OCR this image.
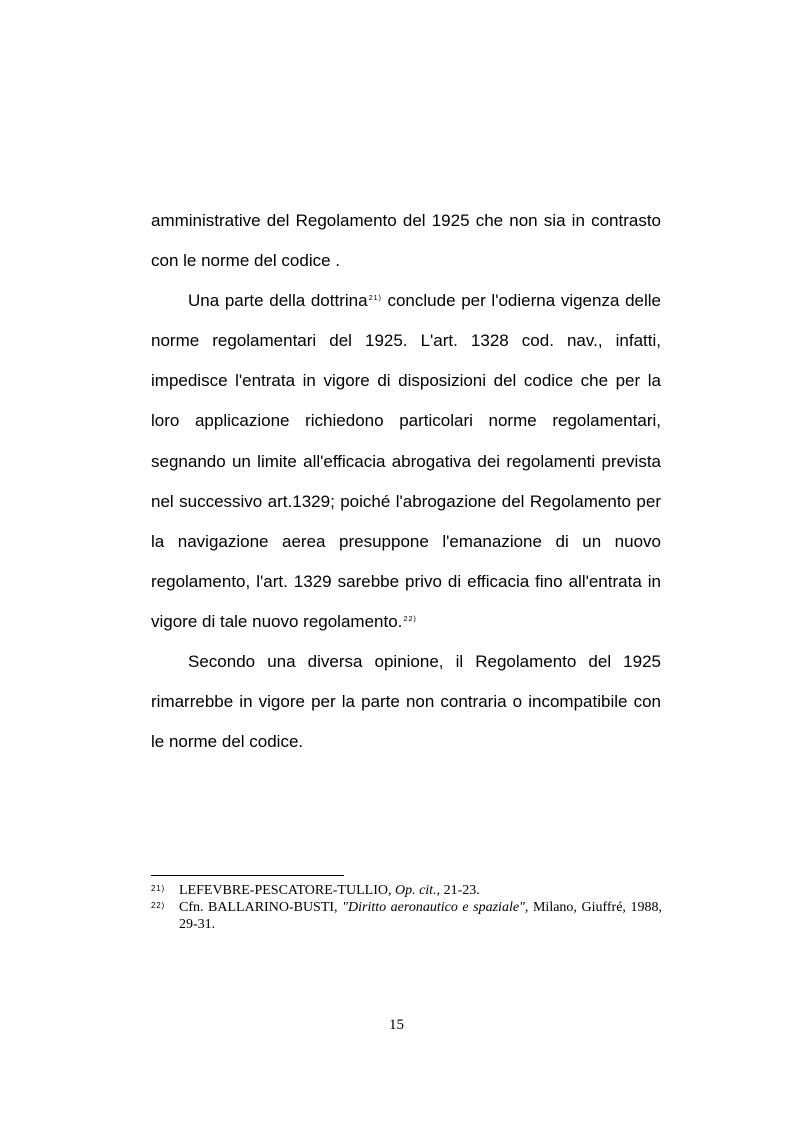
amministrative del Regolamento del 1925 che non sia in contrasto con le norme del codice .

Una parte della dottrina$^{21)}$ conclude per l'odierna vigenza delle norme regolamentari del 1925. L'art. 1328 cod. nav., infatti, impedisce l'entrata in vigore di disposizioni del codice che per la loro applicazione richiedono particolari norme regolamentari, segnando un limite all'efficacia abrogativa dei regolamenti prevista nel successivo art.1329; poiché l'abrogazione del Regolamento per la navigazione aerea presuppone l'emanazione di un nuovo regolamento, l'art. 1329 sarebbe privo di efficacia fino all'entrata in vigore di tale nuovo regolamento.$^{22)}$

Secondo una diversa opinione, il Regolamento del 1925 rimarrebbe in vigore per la parte non contraria o incompatibile con le norme del codice.

21)	LEFEVBRE-PESCATORE-TULLIO, Op. cit., 21-23.
22)	Cfn. BALLARINO-BUSTI, "Diritto aeronautico e spaziale", Milano, Giuffré, 1988, 29-31.
15
